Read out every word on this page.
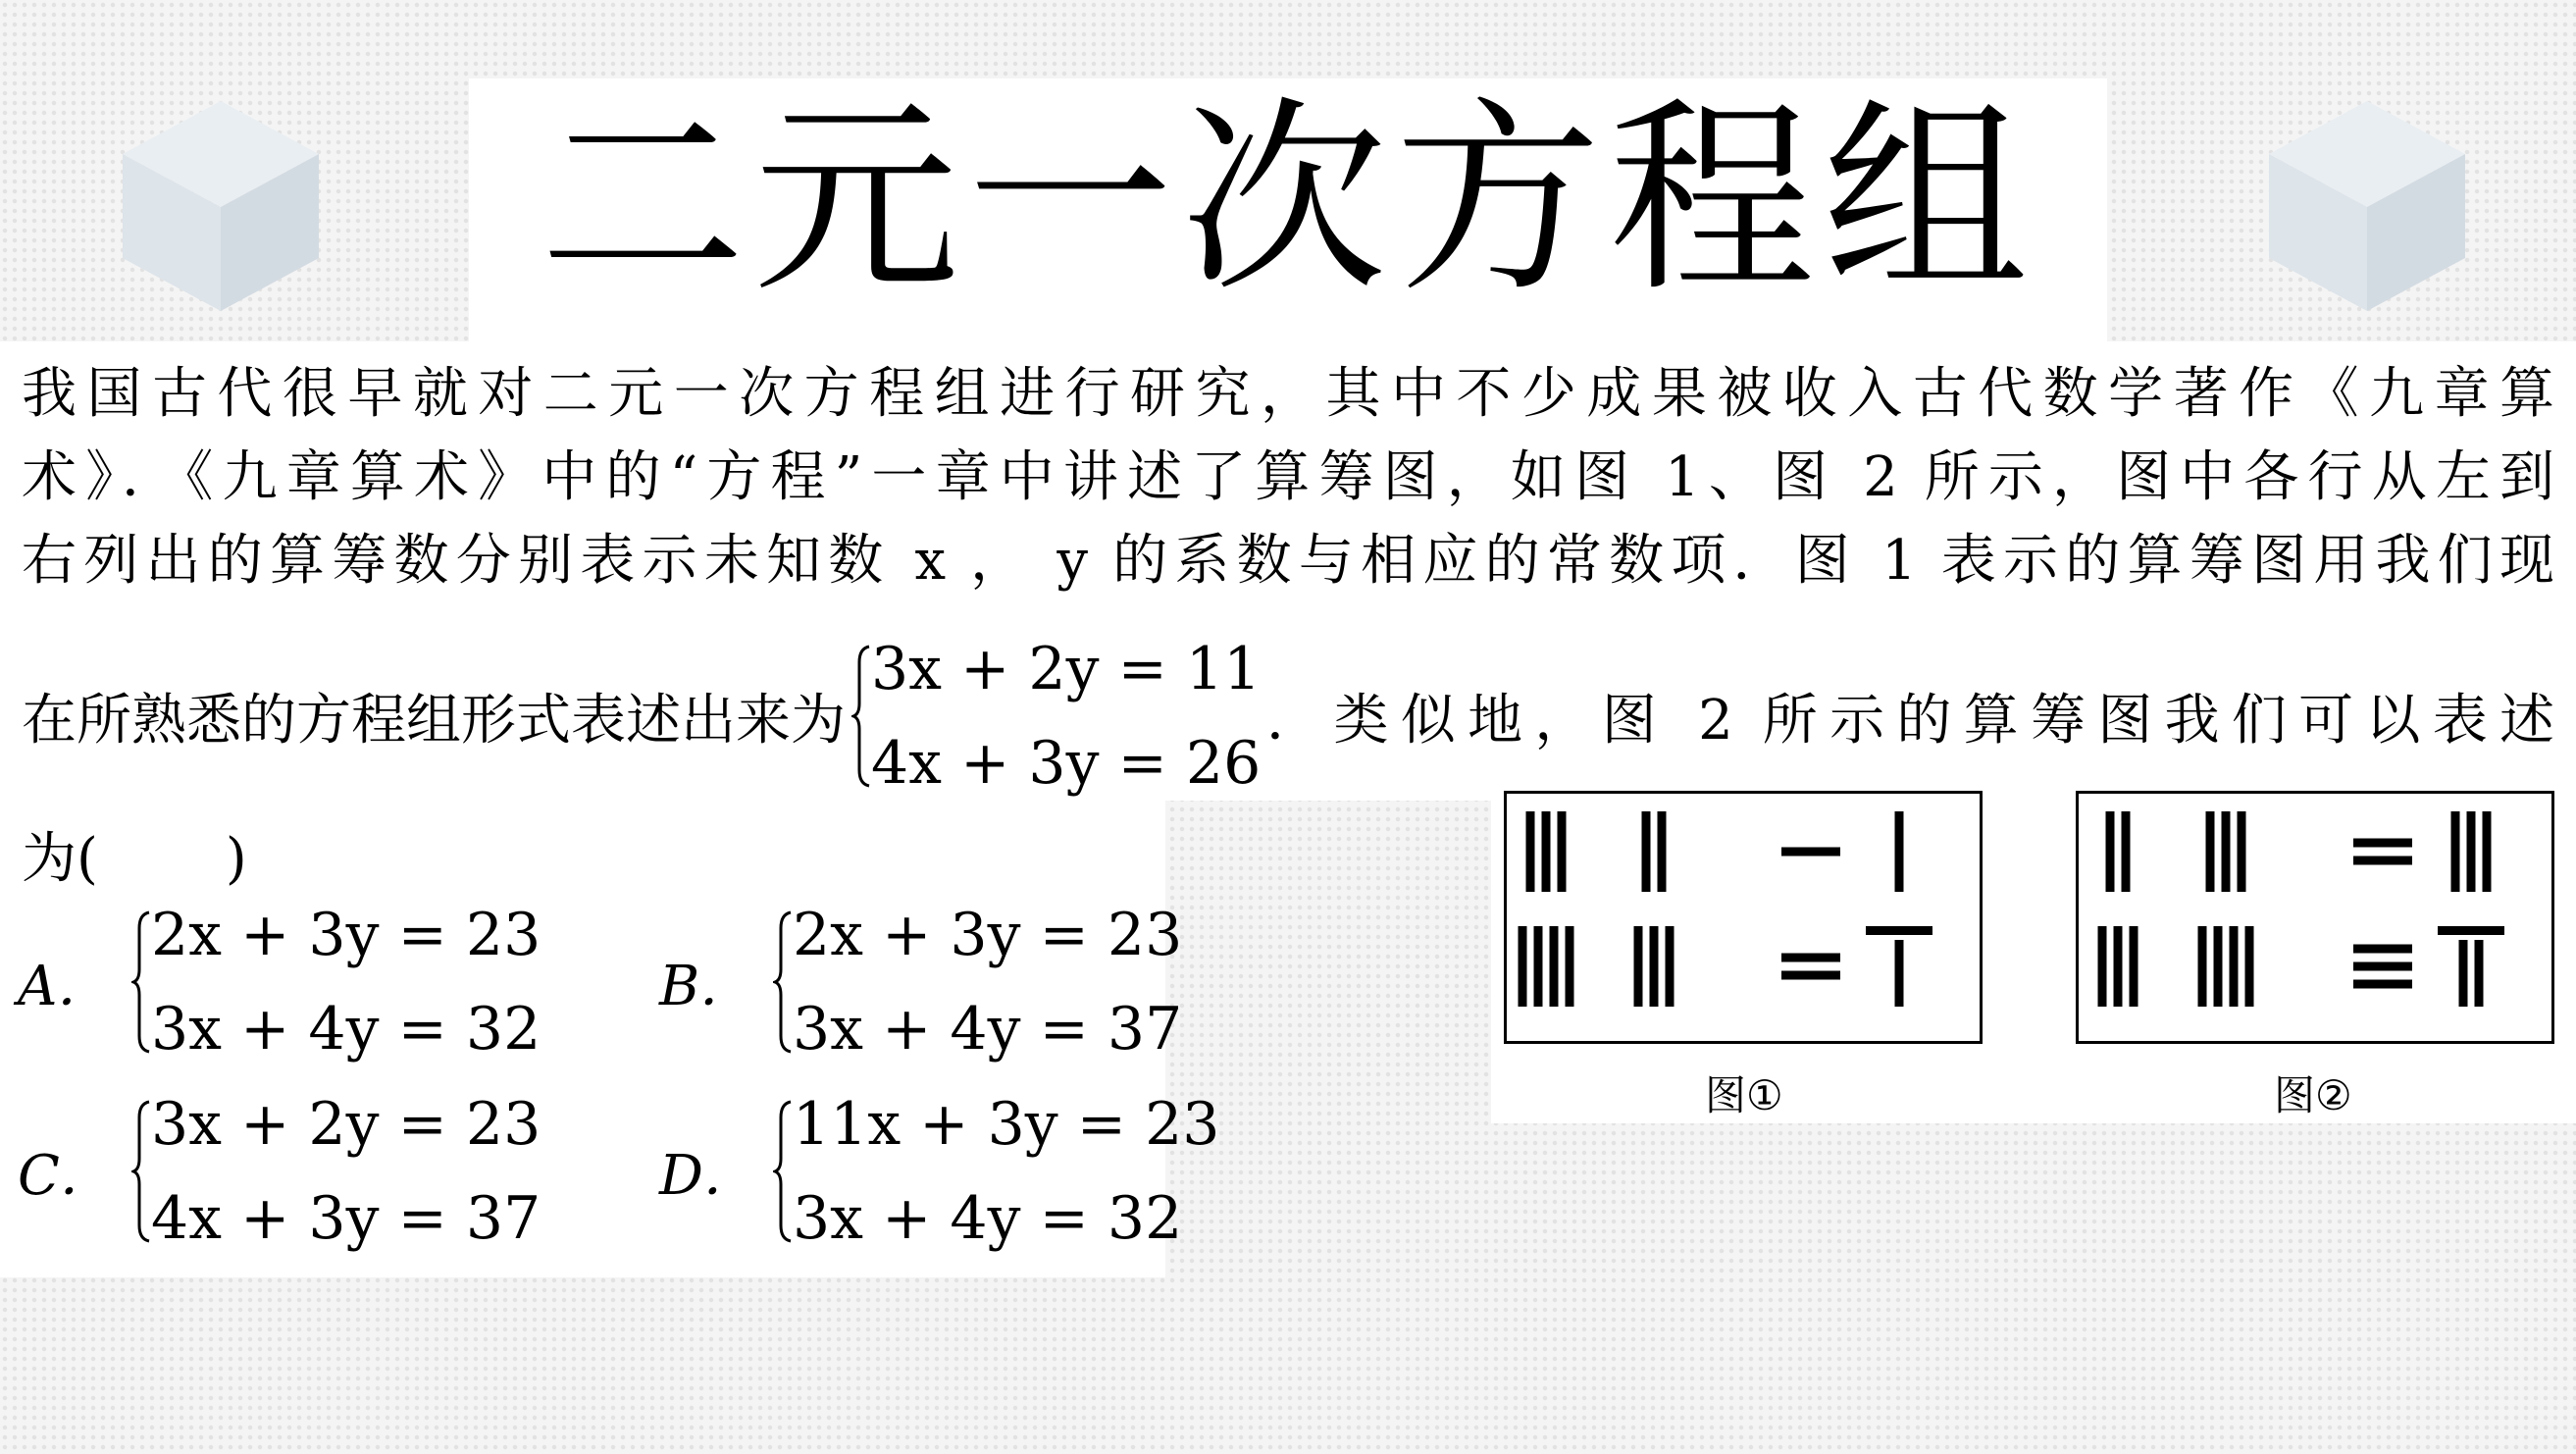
二元一次方程组
我国古代很早就对二元一次方程组进行研究，其中不少成果被收入古代数学著作《九章算
术》．《九章算术》中的“方程”一章中讲述了算筹图，如图 1、图 2 所示，图中各行从左到
右列出的算筹数分别表示未知数 x ， y 的系数与相应的常数项．图 1 表示的算筹图用我们现
在所熟悉的方程组形式表述出来为
3x + 2y = 11
4x + 3y = 26
．类似地，图 2 所示的算筹图我们可以表述
为( )
A．
2x + 3y = 23
3x + 4y = 32
B．
2x + 3y = 23
3x + 4y = 37
C．
3x + 2y = 23
4x + 3y = 37
D．
11x + 3y = 23
3x + 4y = 32
图①	图②
